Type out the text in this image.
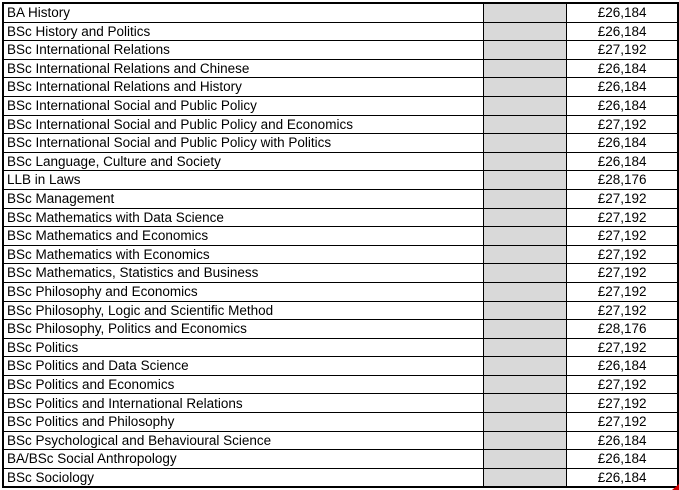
BA History		£26,184
BSc History and Politics		£26,184
BSc International Relations		£27,192
BSc International Relations and Chinese		£26,184
BSc International Relations and History		£26,184
BSc International Social and Public Policy		£26,184
BSc International Social and Public Policy and Economics		£27,192
BSc International Social and Public Policy with Politics		£26,184
BSc Language, Culture and Society		£26,184
LLB in Laws		£28,176
BSc Management		£27,192
BSc Mathematics with Data Science		£27,192
BSc Mathematics and Economics		£27,192
BSc Mathematics with Economics		£27,192
BSc Mathematics, Statistics and Business		£27,192
BSc Philosophy and Economics		£27,192
BSc Philosophy, Logic and Scientific Method		£27,192
BSc Philosophy, Politics and Economics		£28,176
BSc Politics		£27,192
BSc Politics and Data Science		£26,184
BSc Politics and Economics		£27,192
BSc Politics and International Relations		£27,192
BSc Politics and Philosophy		£27,192
BSc Psychological and Behavioural Science		£26,184
BA/BSc Social Anthropology		£26,184
BSc Sociology		£26,184
